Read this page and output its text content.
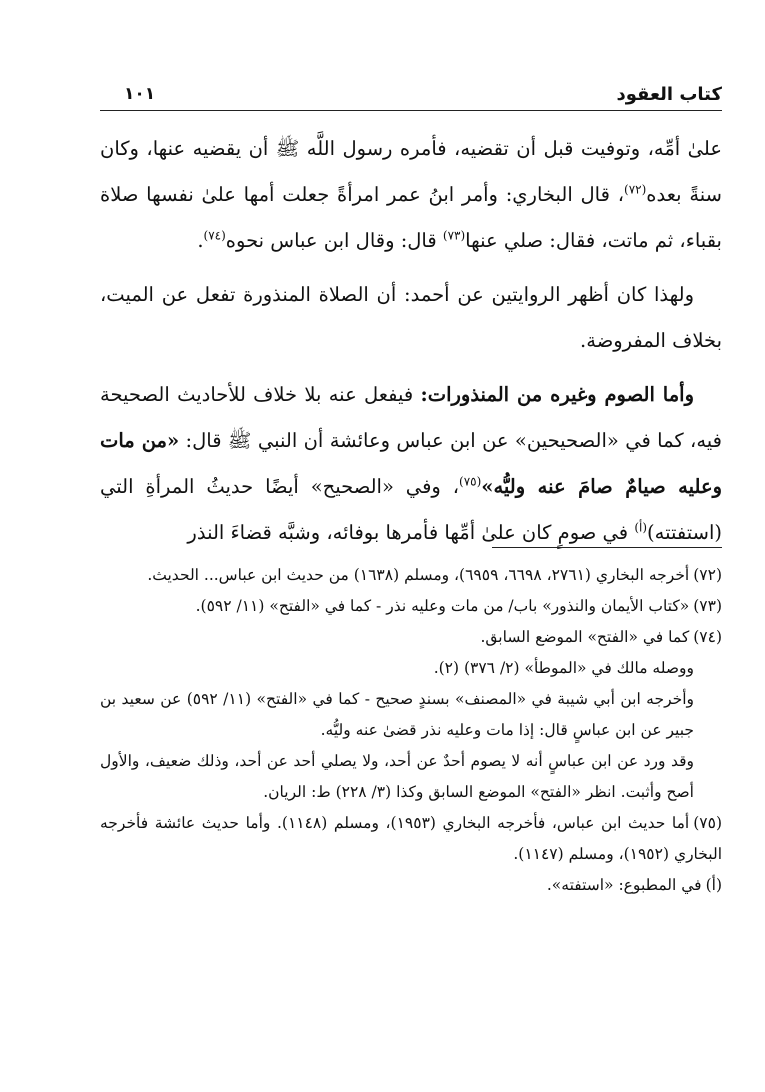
كتاب العقود
١٠١

علىٰ أمِّه، وتوفيت قبل أن تقضيه، فأمره رسول اللَّه ﷺ أن يقضيه عنها، وكان سنةً بعده$^{(٧٢)}$، قال البخاري: وأمر ابنُ عمر امرأةً جعلت أمها علىٰ نفسها صلاة بقباء، ثم ماتت، فقال: صلي عنها$^{(٧٣)}$ قال: وقال ابن عباس نحوه$^{(٧٤)}$.

ولهذا كان أظهر الروايتين عن أحمد: أن الصلاة المنذورة تفعل عن الميت، بخلاف المفروضة.

وأما الصوم وغيره من المنذورات: فيفعل عنه بلا خلاف للأحاديث الصحيحة فيه، كما في «الصحيحين» عن ابن عباس وعائشة أن النبي ﷺ قال: «من مات وعليه صيامٌ صامَ عنه وليُّه»$^{(٧٥)}$، وفي «الصحيح» أيضًا حديثُ المرأةِ التي (استفتته)$^{(أ)}$ في صومٍ كان علىٰ أمِّها فأمرها بوفائه، وشبَّه قضاءَ النذر

(٧٢)أخرجه البخاري (٢٧٦١، ٦٦٩٨، ٦٩٥٩)، ومسلم (١٦٣٨) من حديث ابن عباس... الحديث.

(٧٣)«كتاب الأيمان والنذور» باب/ من مات وعليه نذر - كما في «الفتح» (١١/ ٥٩٢).

(٧٤)كما في «الفتح» الموضع السابق.

ووصله مالك في «الموطأ» (٢/ ٣٧٦) (٢).

وأخرجه ابن أبي شيبة في «المصنف» بسندٍ صحيح - كما في «الفتح» (١١/ ٥٩٢) عن سعيد بن جبير عن ابن عباسٍ قال: إذا مات وعليه نذر قضىٰ عنه وليُّه.

وقد ورد عن ابن عباسٍ أنه لا يصوم أحدٌ عن أحد، ولا يصلي أحد عن أحد، وذلك ضعيف، والأول أصح وأثبت. انظر «الفتح» الموضع السابق وكذا (٣/ ٢٢٨) ط: الريان.

(٧٥)أما حديث ابن عباس، فأخرجه البخاري (١٩٥٣)، ومسلم (١١٤٨). وأما حديث عائشة فأخرجه البخاري (١٩٥٢)، ومسلم (١١٤٧).

(أ)في المطبوع: «استفته».
